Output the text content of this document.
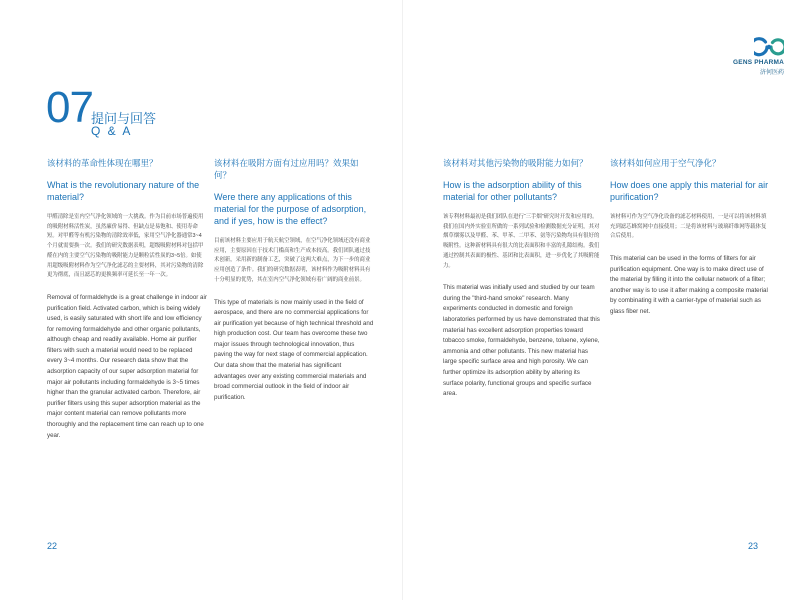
GENS PHARMA
济何医药
07
提问与回答
Q & A

该材料的革命性体现在哪里？

What is the revolutionary nature of the material?

甲醛清除是室内空气净化领域的一大挑战。作为目前市场普遍使用的吸附材料活性炭，虽然廉价易得、但缺点是易饱和、使用寿命短。对甲醛等有机污染物的清除效率低，家用空气净化器通常3~4个月就需要换一次。我们的研究数据表明，超级吸附材料对包括甲醛在内的主要空气污染物的吸附能力是颗粒活性炭的3~5倍。如使用超级吸附材料作为空气净化滤芯的主要材料，其对污染物的清除更为彻底，而且滤芯的更换频率可延长至一年一次。

Removal of formaldehyde is a great challenge in indoor air purification field. Activated carbon, which is being widely used, is easily saturated with short life and low efficiency for removing formaldehyde and other organic pollutants, although cheap and readily available. Home air purifier filters with such a material would need to be replaced every 3~4 months. Our research data show that the adsorption capacity of our super adsorption material for major air pollutants including formaldehyde is 3~5 times higher than the granular activated carbon. Therefore, air purifier filters using this super adsorption material as the major content material can remove pollutants more thoroughly and the replacement time can reach up to one year.

该材料在吸附方面有过应用吗？效果如何？

Were there any applications of this material for the purpose of adsorption, and if yes, how is the effect?

目前该材料主要应用于航天航空领域，在空气净化领域还没有商业应用，主要原因在于技术门槛高和生产成本较高。我们团队通过技术创新，采用新的制备工艺，突破了这两大难点，为下一步的商业应用创造了条件。我们的研究数据表明，该材料作为吸附材料具有十分明显的优势，其在室内空气净化领域有着广阔的商业前景。

This type of materials is now mainly used in the field of aerospace, and there are no commercial applications for air purification yet because of high technical threshold and high production cost. Our team has overcome these two major issues through technological innovation, thus paving the way for next stage of commercial application. Our data show that the material has significant advantages over any existing commercial materials and broad commercial outlook in the field of indoor air purification.

该材料对其他污染物的吸附能力如何？

How is the adsorption ability of this material for other pollutants?

该专利材料最初是我们团队在进行“三手烟”研究时开发和应用的。我们在国内外实验室所做的一系列试验和检测数据充分证明，其对烟草烟雾以及甲醛、苯、甲苯、二甲苯、氨等污染物均具有很好的吸附性。这种新材料具有很大的比表面积和丰富的孔隙结构。我们通过控制其表面的极性、基团和比表面积，进一步优化了其吸附能力。

This material was initially used and studied by our team during the "third-hand smoke" research. Many experiments conducted in domestic and foreign laboratories performed by us have demonstrated that this material has excellent adsorption properties toward tobacco smoke, formaldehyde, benzene, toluene, xylene, ammonia and other pollutants. This new material has large specific surface area and high porosity. We can further optimize its adsorption ability by altering its surface polarity, functional groups and specific surface area.

该材料如何应用于空气净化？

How does one apply this material for air purification?

该材料可作为空气净化设备的滤芯材料使用，一是可以将该材料填充到滤芯蜂窝网中直接使用；二是将该材料与玻璃纤维网等载体复合后使用。

This material can be used in the forms of filters for air purification equipment. One way is to make direct use of the material by filling it into the cellular network of a filter; another way is to use it after making a composite material by combinating it with a carrier-type of material such as glass fiber net.

22	23
